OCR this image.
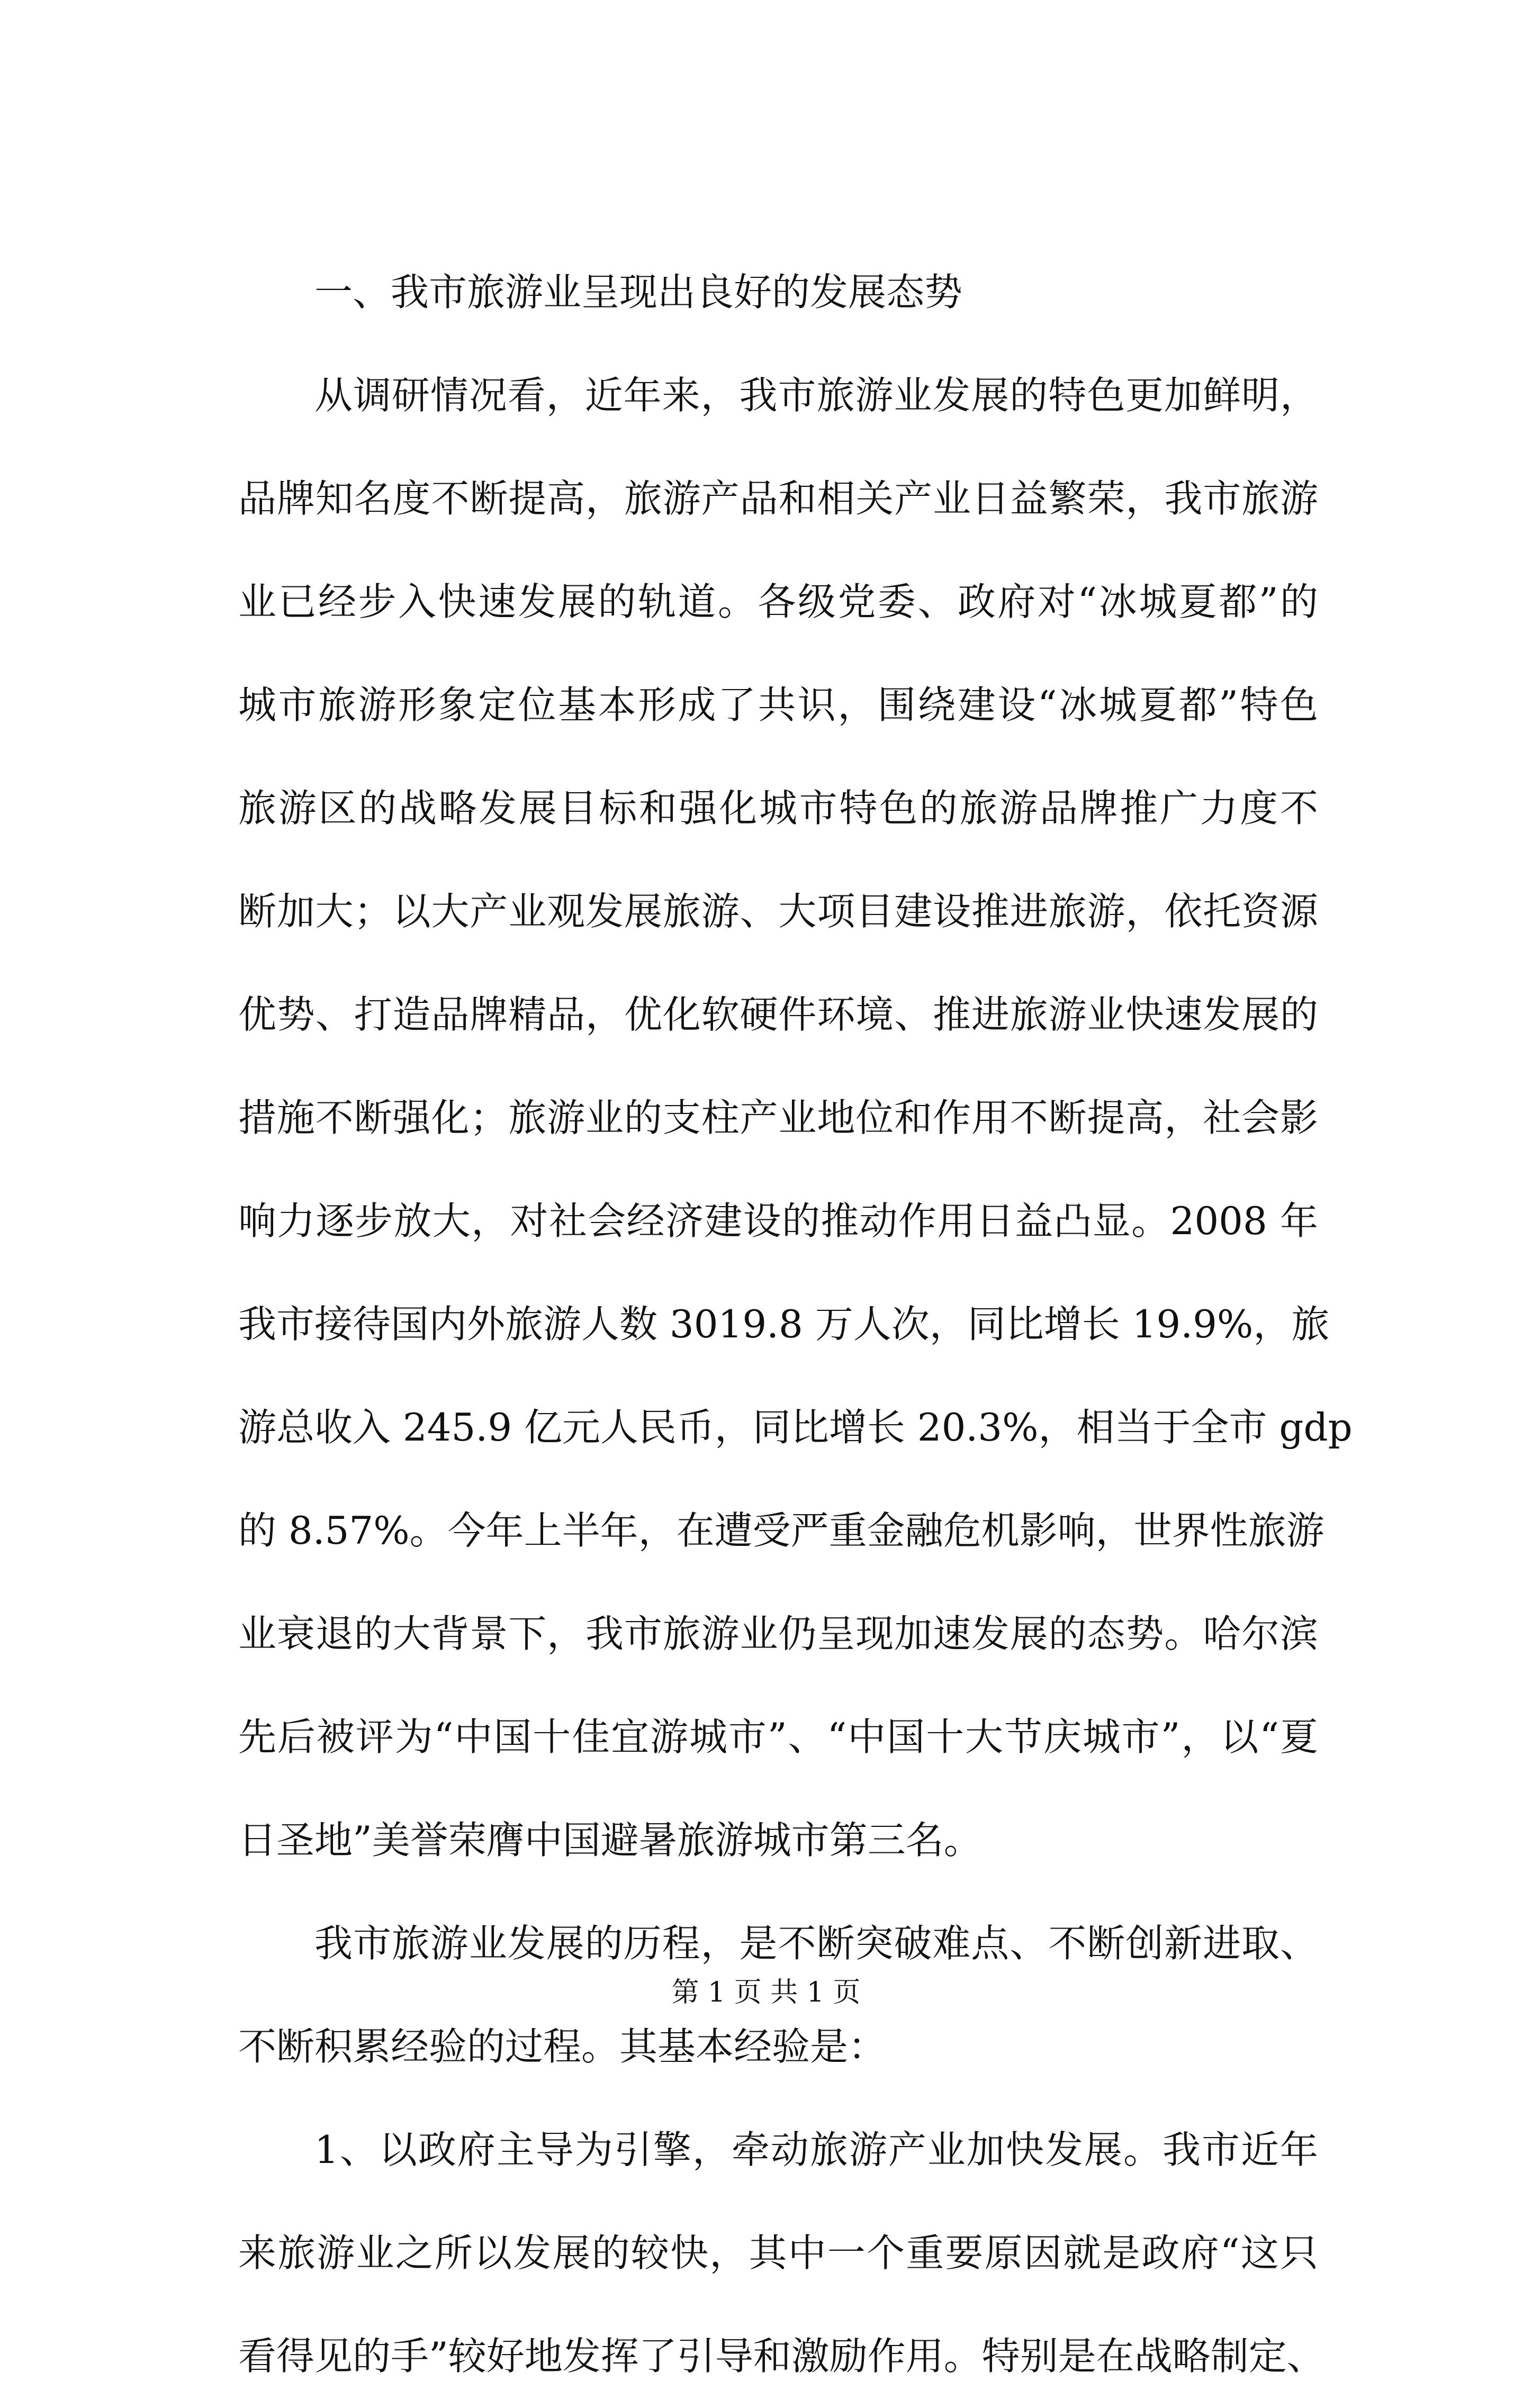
一、我市旅游业呈现出良好的发展态势
从调研情况看，近年来，我市旅游业发展的特色更加鲜明，
品牌知名度不断提高，旅游产品和相关产业日益繁荣，我市旅游
业已经步入快速发展的轨道。各级党委、政府对“冰城夏都”的
城市旅游形象定位基本形成了共识，围绕建设“冰城夏都”特色
旅游区的战略发展目标和强化城市特色的旅游品牌推广力度不
断加大；以大产业观发展旅游、大项目建设推进旅游，依托资源
优势、打造品牌精品，优化软硬件环境、推进旅游业快速发展的
措施不断强化；旅游业的支柱产业地位和作用不断提高，社会影
响力逐步放大，对社会经济建设的推动作用日益凸显。2008 年
我市接待国内外旅游人数 3019.8 万人次，同比增长 19.9%，旅
游总收入 245.9 亿元人民币，同比增长 20.3%，相当于全市 gdp
的 8.57%。今年上半年，在遭受严重金融危机影响，世界性旅游
业衰退的大背景下，我市旅游业仍呈现加速发展的态势。哈尔滨
先后被评为“中国十佳宜游城市”、“中国十大节庆城市”，以“夏
日圣地”美誉荣膺中国避暑旅游城市第三名。
我市旅游业发展的历程，是不断突破难点、不断创新进取、
不断积累经验的过程。其基本经验是：
1、以政府主导为引擎，牵动旅游产业加快发展。我市近年
来旅游业之所以发展的较快，其中一个重要原因就是政府“这只
看得见的手”较好地发挥了引导和激励作用。特别是在战略制定、
第 1 页 共 1 页
